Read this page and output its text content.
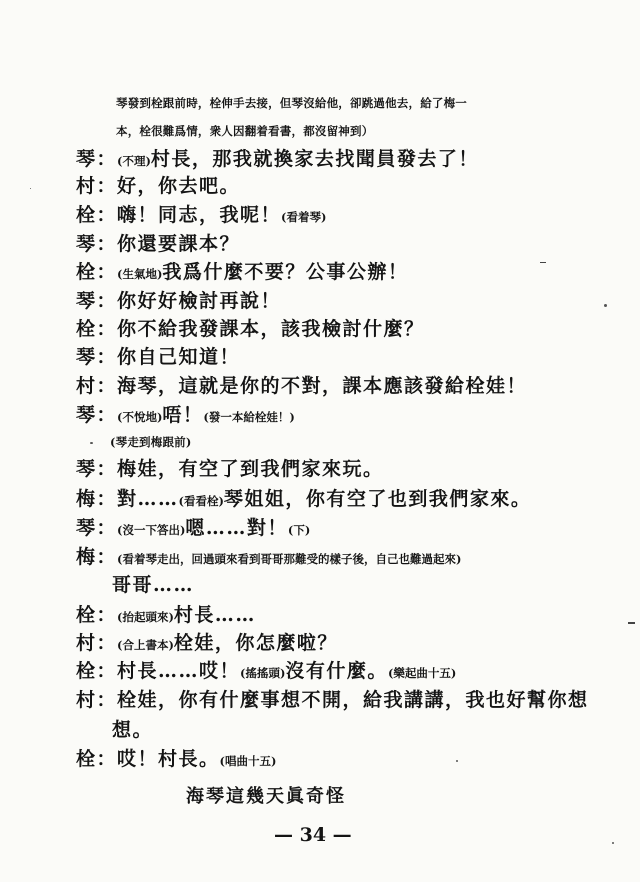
琴發到栓跟前時，栓伸手去接，但琴沒給他，卻跳過他去，給了梅一
本，栓很難爲情，衆人因翻着看書，都沒留神到）
琴：(不理)村長，那我就換家去找聞員發去了！
村：好，你去吧。
栓：嗨！同志，我呢！(看着琴)
琴：你還要課本？
栓：(生氣地)我爲什麼不要？公事公辦！
琴：你好好檢討再說！
栓：你不給我發課本，該我檢討什麼？
琴：你自己知道！
村：海琴，這就是你的不對，課本應該發給栓娃！
琴：(不悅地)唔！(發一本給栓娃！)
(琴走到梅跟前)
琴：梅娃，有空了到我們家來玩。
梅：對……(看看栓)琴姐姐，你有空了也到我們家來。
琴：(沒一下答出)嗯……對！(下)
梅：(看着琴走出，回過頭來看到哥哥那難受的樣子後，自己也難過起來)
哥哥……
栓：(抬起頭來)村長……
村：(合上書本)栓娃，你怎麼啦？
栓：村長……哎！(搖搖頭)沒有什麼。(樂起曲十五)
村：栓娃，你有什麼事想不開，給我講講，我也好幫你想
想。
栓：哎！村長。(唱曲十五)
海琴這幾天眞奇怪
— 34 —
